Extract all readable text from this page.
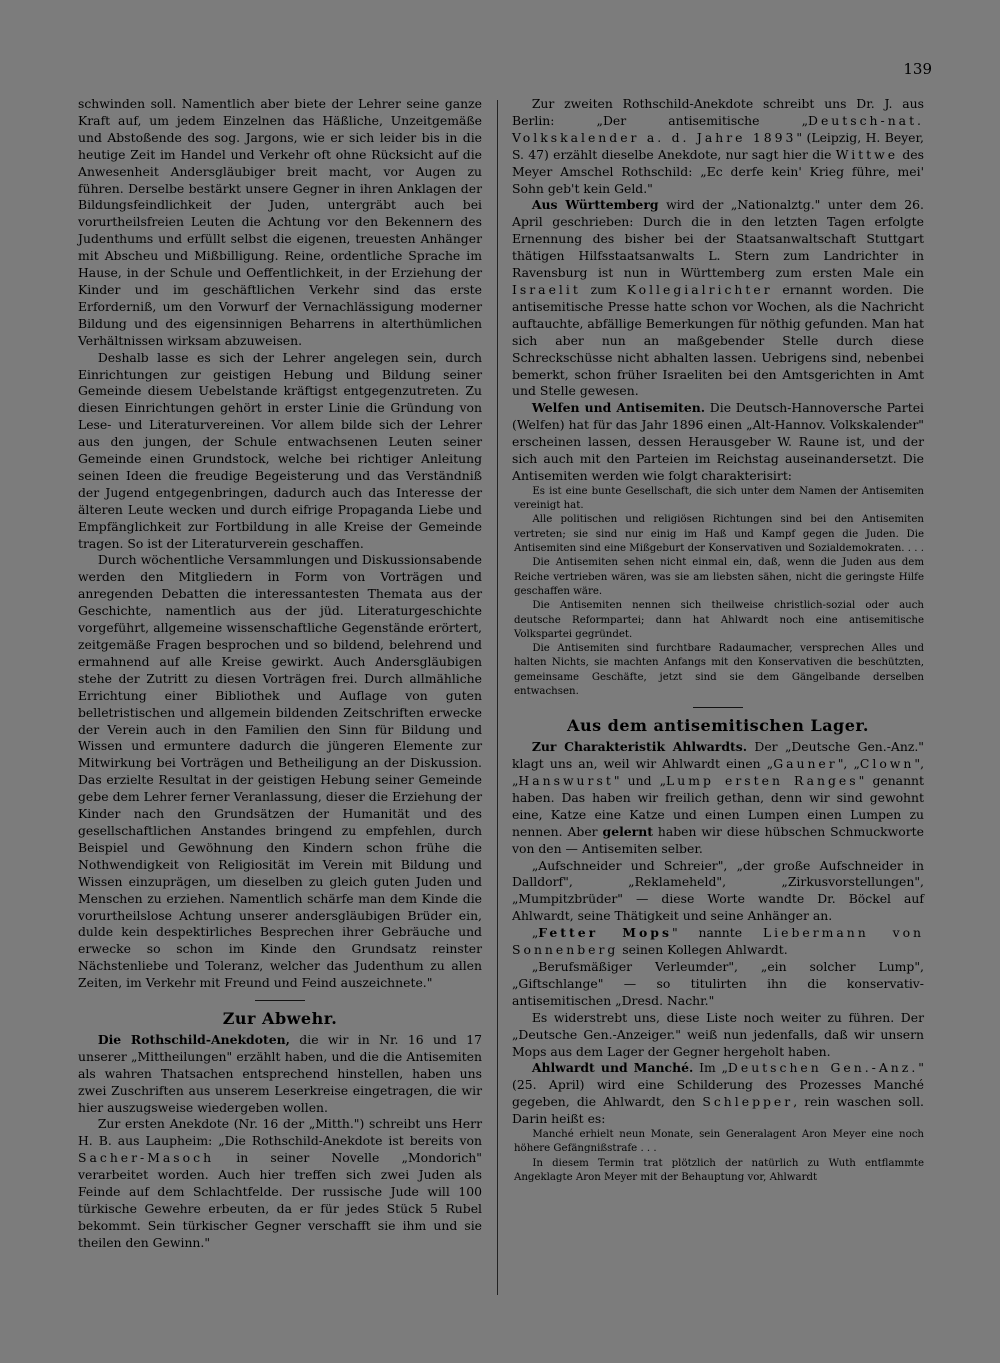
139

schwinden soll. Namentlich aber biete der Lehrer seine ganze Kraft auf, um jedem Einzelnen das Häßliche, Unzeitgemäße und Abstoßende des sog. Jargons, wie er sich leider bis in die heutige Zeit im Handel und Verkehr oft ohne Rücksicht auf die Anwesenheit Andersgläubiger breit macht, vor Augen zu führen. Derselbe bestärkt unsere Gegner in ihren Anklagen der Bildungsfeindlichkeit der Juden, untergräbt auch bei vorurtheilsfreien Leuten die Achtung vor den Bekennern des Judenthums und erfüllt selbst die eigenen, treuesten Anhänger mit Abscheu und Mißbilligung. Reine, ordentliche Sprache im Hause, in der Schule und Oeffentlichkeit, in der Erziehung der Kinder und im geschäftlichen Verkehr sind das erste Erforderniß, um den Vorwurf der Vernachlässigung moderner Bildung und des eigensinnigen Beharrens in alterthümlichen Verhältnissen wirksam abzuweisen.

Deshalb lasse es sich der Lehrer angelegen sein, durch Einrichtungen zur geistigen Hebung und Bildung seiner Gemeinde diesem Uebelstande kräftigst entgegenzutreten. Zu diesen Einrichtungen gehört in erster Linie die Gründung von Lese- und Literaturvereinen. Vor allem bilde sich der Lehrer aus den jungen, der Schule entwachsenen Leuten seiner Gemeinde einen Grundstock, welche bei richtiger Anleitung seinen Ideen die freudige Begeisterung und das Verständniß der Jugend entgegenbringen, dadurch auch das Interesse der älteren Leute wecken und durch eifrige Propaganda Liebe und Empfänglichkeit zur Fortbildung in alle Kreise der Gemeinde tragen. So ist der Literaturverein geschaffen.

Durch wöchentliche Versammlungen und Diskussionsabende werden den Mitgliedern in Form von Vorträgen und anregenden Debatten die interessantesten Themata aus der Geschichte, namentlich aus der jüd. Literaturgeschichte vorgeführt, allgemeine wissenschaftliche Gegenstände erörtert, zeitgemäße Fragen besprochen und so bildend, belehrend und ermahnend auf alle Kreise gewirkt. Auch Andersgläubigen stehe der Zutritt zu diesen Vorträgen frei. Durch allmähliche Errichtung einer Bibliothek und Auflage von guten belletristischen und allgemein bildenden Zeitschriften erwecke der Verein auch in den Familien den Sinn für Bildung und Wissen und ermuntere dadurch die jüngeren Elemente zur Mitwirkung bei Vorträgen und Betheiligung an der Diskussion. Das erzielte Resultat in der geistigen Hebung seiner Gemeinde gebe dem Lehrer ferner Veranlassung, dieser die Erziehung der Kinder nach den Grundsätzen der Humanität und des gesellschaftlichen Anstandes bringend zu empfehlen, durch Beispiel und Gewöhnung den Kindern schon frühe die Nothwendigkeit von Religiosität im Verein mit Bildung und Wissen einzuprägen, um dieselben zu gleich guten Juden und Menschen zu erziehen. Namentlich schärfe man dem Kinde die vorurtheilslose Achtung unserer andersgläubigen Brüder ein, dulde kein despektirliches Besprechen ihrer Gebräuche und erwecke so schon im Kinde den Grundsatz reinster Nächstenliebe und Toleranz, welcher das Judenthum zu allen Zeiten, im Verkehr mit Freund und Feind auszeichnete."

Zur Abwehr.

Die Rothschild-Anekdoten, die wir in Nr. 16 und 17 unserer „Mittheilungen" erzählt haben, und die die Antisemiten als wahren Thatsachen entsprechend hinstellen, haben uns zwei Zuschriften aus unserem Leserkreise eingetragen, die wir hier auszugsweise wiedergeben wollen.

Zur ersten Anekdote (Nr. 16 der „Mitth.") schreibt uns Herr H. B. aus Laupheim: „Die Rothschild-Anekdote ist bereits von Sacher-Masoch in seiner Novelle „Mondorich" verarbeitet worden. Auch hier treffen sich zwei Juden als Feinde auf dem Schlachtfelde. Der russische Jude will 100 türkische Gewehre erbeuten, da er für jedes Stück 5 Rubel bekommt. Sein türkischer Gegner verschafft sie ihm und sie theilen den Gewinn."

Zur zweiten Rothschild-Anekdote schreibt uns Dr. J. aus Berlin: „Der antisemitische „Deutsch-nat. Volkskalender a. d. Jahre 1893" (Leipzig, H. Beyer, S. 47) erzählt dieselbe Anekdote, nur sagt hier die Wittwe des Meyer Amschel Rothschild: „Ec derfe kein' Krieg führe, mei' Sohn geb't kein Geld."

Aus Württemberg wird der „Nationalztg." unter dem 26. April geschrieben: Durch die in den letzten Tagen erfolgte Ernennung des bisher bei der Staatsanwaltschaft Stuttgart thätigen Hilfsstaatsanwalts L. Stern zum Landrichter in Ravensburg ist nun in Württemberg zum ersten Male ein Israelit zum Kollegialrichter ernannt worden. Die antisemitische Presse hatte schon vor Wochen, als die Nachricht auftauchte, abfällige Bemerkungen für nöthig gefunden. Man hat sich aber nun an maßgebender Stelle durch diese Schreckschüsse nicht abhalten lassen. Uebrigens sind, nebenbei bemerkt, schon früher Israeliten bei den Amtsgerichten in Amt und Stelle gewesen.

Welfen und Antisemiten. Die Deutsch-Hannoversche Partei (Welfen) hat für das Jahr 1896 einen „Alt-Hannov. Volkskalender" erscheinen lassen, dessen Herausgeber W. Raune ist, und der sich auch mit den Parteien im Reichstag auseinandersetzt. Die Antisemiten werden wie folgt charakterisirt:

Es ist eine bunte Gesellschaft, die sich unter dem Namen der Antisemiten vereinigt hat.

Alle politischen und religiösen Richtungen sind bei den Antisemiten vertreten; sie sind nur einig im Haß und Kampf gegen die Juden. Die Antisemiten sind eine Mißgeburt der Konservativen und Sozialdemokraten. . . .

Die Antisemiten sehen nicht einmal ein, daß, wenn die Juden aus dem Reiche vertrieben wären, was sie am liebsten sähen, nicht die geringste Hilfe geschaffen wäre.

Die Antisemiten nennen sich theilweise christlich-sozial oder auch deutsche Reformpartei; dann hat Ahlwardt noch eine antisemitische Volkspartei gegründet.

Die Antisemiten sind furchtbare Radaumacher, versprechen Alles und halten Nichts, sie machten Anfangs mit den Konservativen die beschützten, gemeinsame Geschäfte, jetzt sind sie dem Gängelbande derselben entwachsen.

Aus dem antisemitischen Lager.

Zur Charakteristik Ahlwardts. Der „Deutsche Gen.-Anz." klagt uns an, weil wir Ahlwardt einen „Gauner", „Clown", „Hanswurst" und „Lump ersten Ranges" genannt haben. Das haben wir freilich gethan, denn wir sind gewohnt eine, Katze eine Katze und einen Lumpen einen Lumpen zu nennen. Aber gelernt haben wir diese hübschen Schmuckworte von den — Antisemiten selber.

„Aufschneider und Schreier", „der große Aufschneider in Dalldorf", „Reklameheld", „Zirkusvorstellungen", „Mumpitzbrüder" — diese Worte wandte Dr. Böckel auf Ahlwardt, seine Thätigkeit und seine Anhänger an.

„Fetter Mops" nannte Liebermann von Sonnenberg seinen Kollegen Ahlwardt.

„Berufsmäßiger Verleumder", „ein solcher Lump", „Giftschlange" — so titulirten ihn die konservativ-antisemitischen „Dresd. Nachr."

Es widerstrebt uns, diese Liste noch weiter zu führen. Der „Deutsche Gen.-Anzeiger." weiß nun jedenfalls, daß wir unsern Mops aus dem Lager der Gegner hergeholt haben.

Ahlwardt und Manché. Im „Deutschen Gen.-Anz." (25. April) wird eine Schilderung des Prozesses Manché gegeben, die Ahlwardt, den Schlepper, rein waschen soll. Darin heißt es:

Manché erhielt neun Monate, sein Generalagent Aron Meyer eine noch höhere Gefängnißstrafe . . .

In diesem Termin trat plötzlich der natürlich zu Wuth entflammte Angeklagte Aron Meyer mit der Behauptung vor, Ahlwardt
